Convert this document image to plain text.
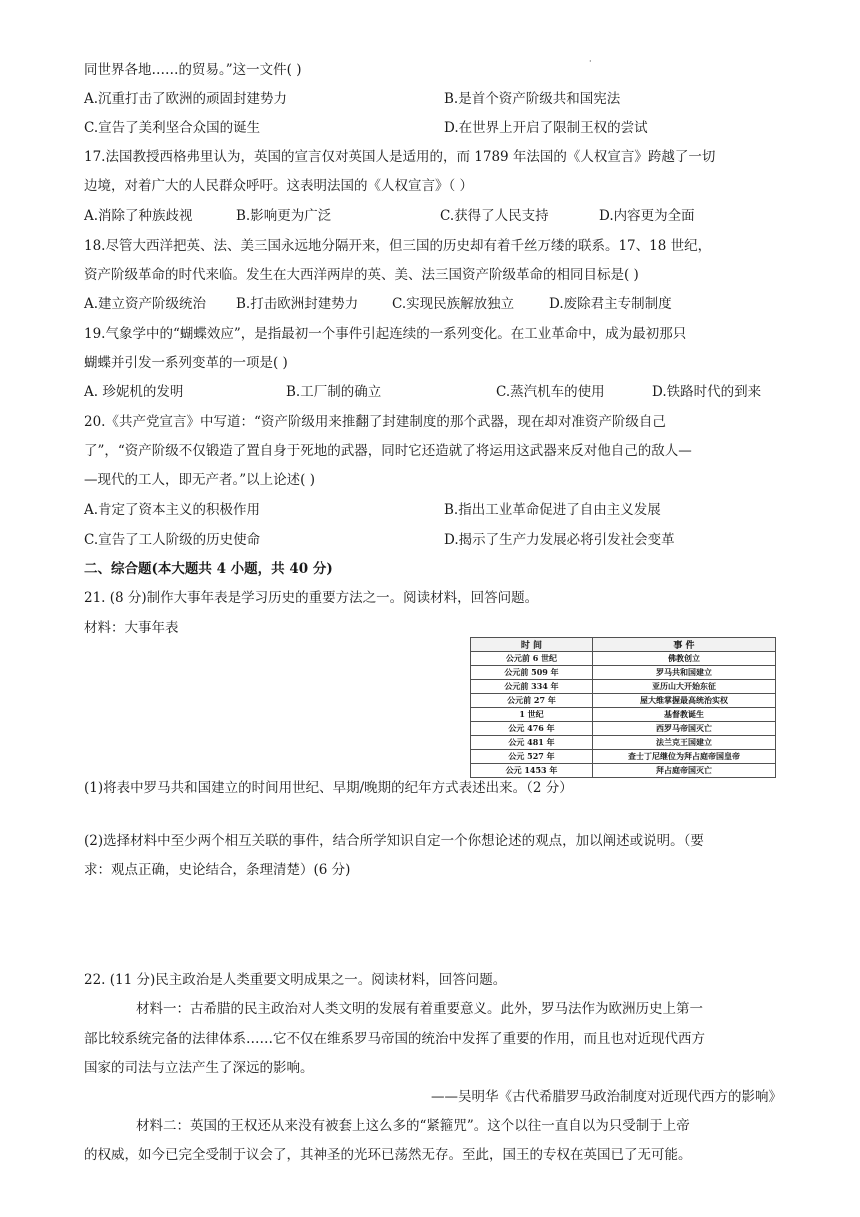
·
同世界各地……的贸易。”这一文件( )
A.沉重打击了欧洲的顽固封建势力	B.是首个资产阶级共和国宪法
C.宣告了美利坚合众国的诞生	D.在世界上开启了限制王权的尝试
17.法国教授西格弗里认为，英国的宣言仅对英国人是适用的，而 1789 年法国的《人权宣言》跨越了一切
边境，对着广大的人民群众呼吁。这表明法国的《人权宣言》（ ）
A.消除了种族歧视	B.影响更为广泛	C.获得了人民支持	D.内容更为全面
18.尽管大西洋把英、法、美三国永远地分隔开来，但三国的历史却有着千丝万缕的联系。17、18 世纪，
资产阶级革命的时代来临。发生在大西洋两岸的英、美、法三国资产阶级革命的相同目标是( )
A.建立资产阶级统治 B.打击欧洲封建势力	C.实现民族解放独立	D.废除君主专制制度
19.气象学中的“蝴蝶效应”，是指最初一个事件引起连续的一系列变化。在工业革命中，成为最初那只
蝴蝶并引发一系列变革的一项是( )
A. 珍妮机的发明	B.工厂制的确立	C.蒸汽机车的使用	D.铁路时代的到来
20.《共产党宣言》中写道：“资产阶级用来推翻了封建制度的那个武器，现在却对准资产阶级自己
了”，“资产阶级不仅锻造了置自身于死地的武器，同时它还造就了将运用这武器来反对他自己的敌人—
—现代的工人，即无产者。”以上论述( )
A.肯定了资本主义的积极作用	B.指出工业革命促进了自由主义发展
C.宣告了工人阶级的历史使命	D.揭示了生产力发展必将引发社会变革
二、综合题(本大题共 4 小题，共 40 分)
21. (8 分)制作大事年表是学习历史的重要方法之一。阅读材料，回答问题。
材料：大事年表
时 间	事 件
公元前 6 世纪	佛教创立
公元前 509 年	罗马共和国建立
公元前 334 年	亚历山大开始东征
公元前 27 年	屋大维掌握最高统治实权
1 世纪	基督教诞生
公元 476 年	西罗马帝国灭亡
公元 481 年	法兰克王国建立
公元 527 年	查士丁尼继位为拜占庭帝国皇帝
公元 1453 年	拜占庭帝国灭亡
(1)将表中罗马共和国建立的时间用世纪、早期/晚期的纪年方式表述出来。（2 分）
(2)选择材料中至少两个相互关联的事件，结合所学知识自定一个你想论述的观点，加以阐述或说明。（要
求：观点正确，史论结合，条理清楚）(6 分)
22. (11 分)民主政治是人类重要文明成果之一。阅读材料，回答问题。
材料一：古希腊的民主政治对人类文明的发展有着重要意义。此外，罗马法作为欧洲历史上第一
部比较系统完备的法律体系……它不仅在维系罗马帝国的统治中发挥了重要的作用，而且也对近现代西方
国家的司法与立法产生了深远的影响。
——吴明华《古代希腊罗马政治制度对近现代西方的影响》
材料二：英国的王权还从来没有被套上这么多的“紧箍咒”。这个以往一直自以为只受制于上帝
的权威，如今已完全受制于议会了，其神圣的光环已荡然无存。至此，国王的专权在英国已了无可能。
